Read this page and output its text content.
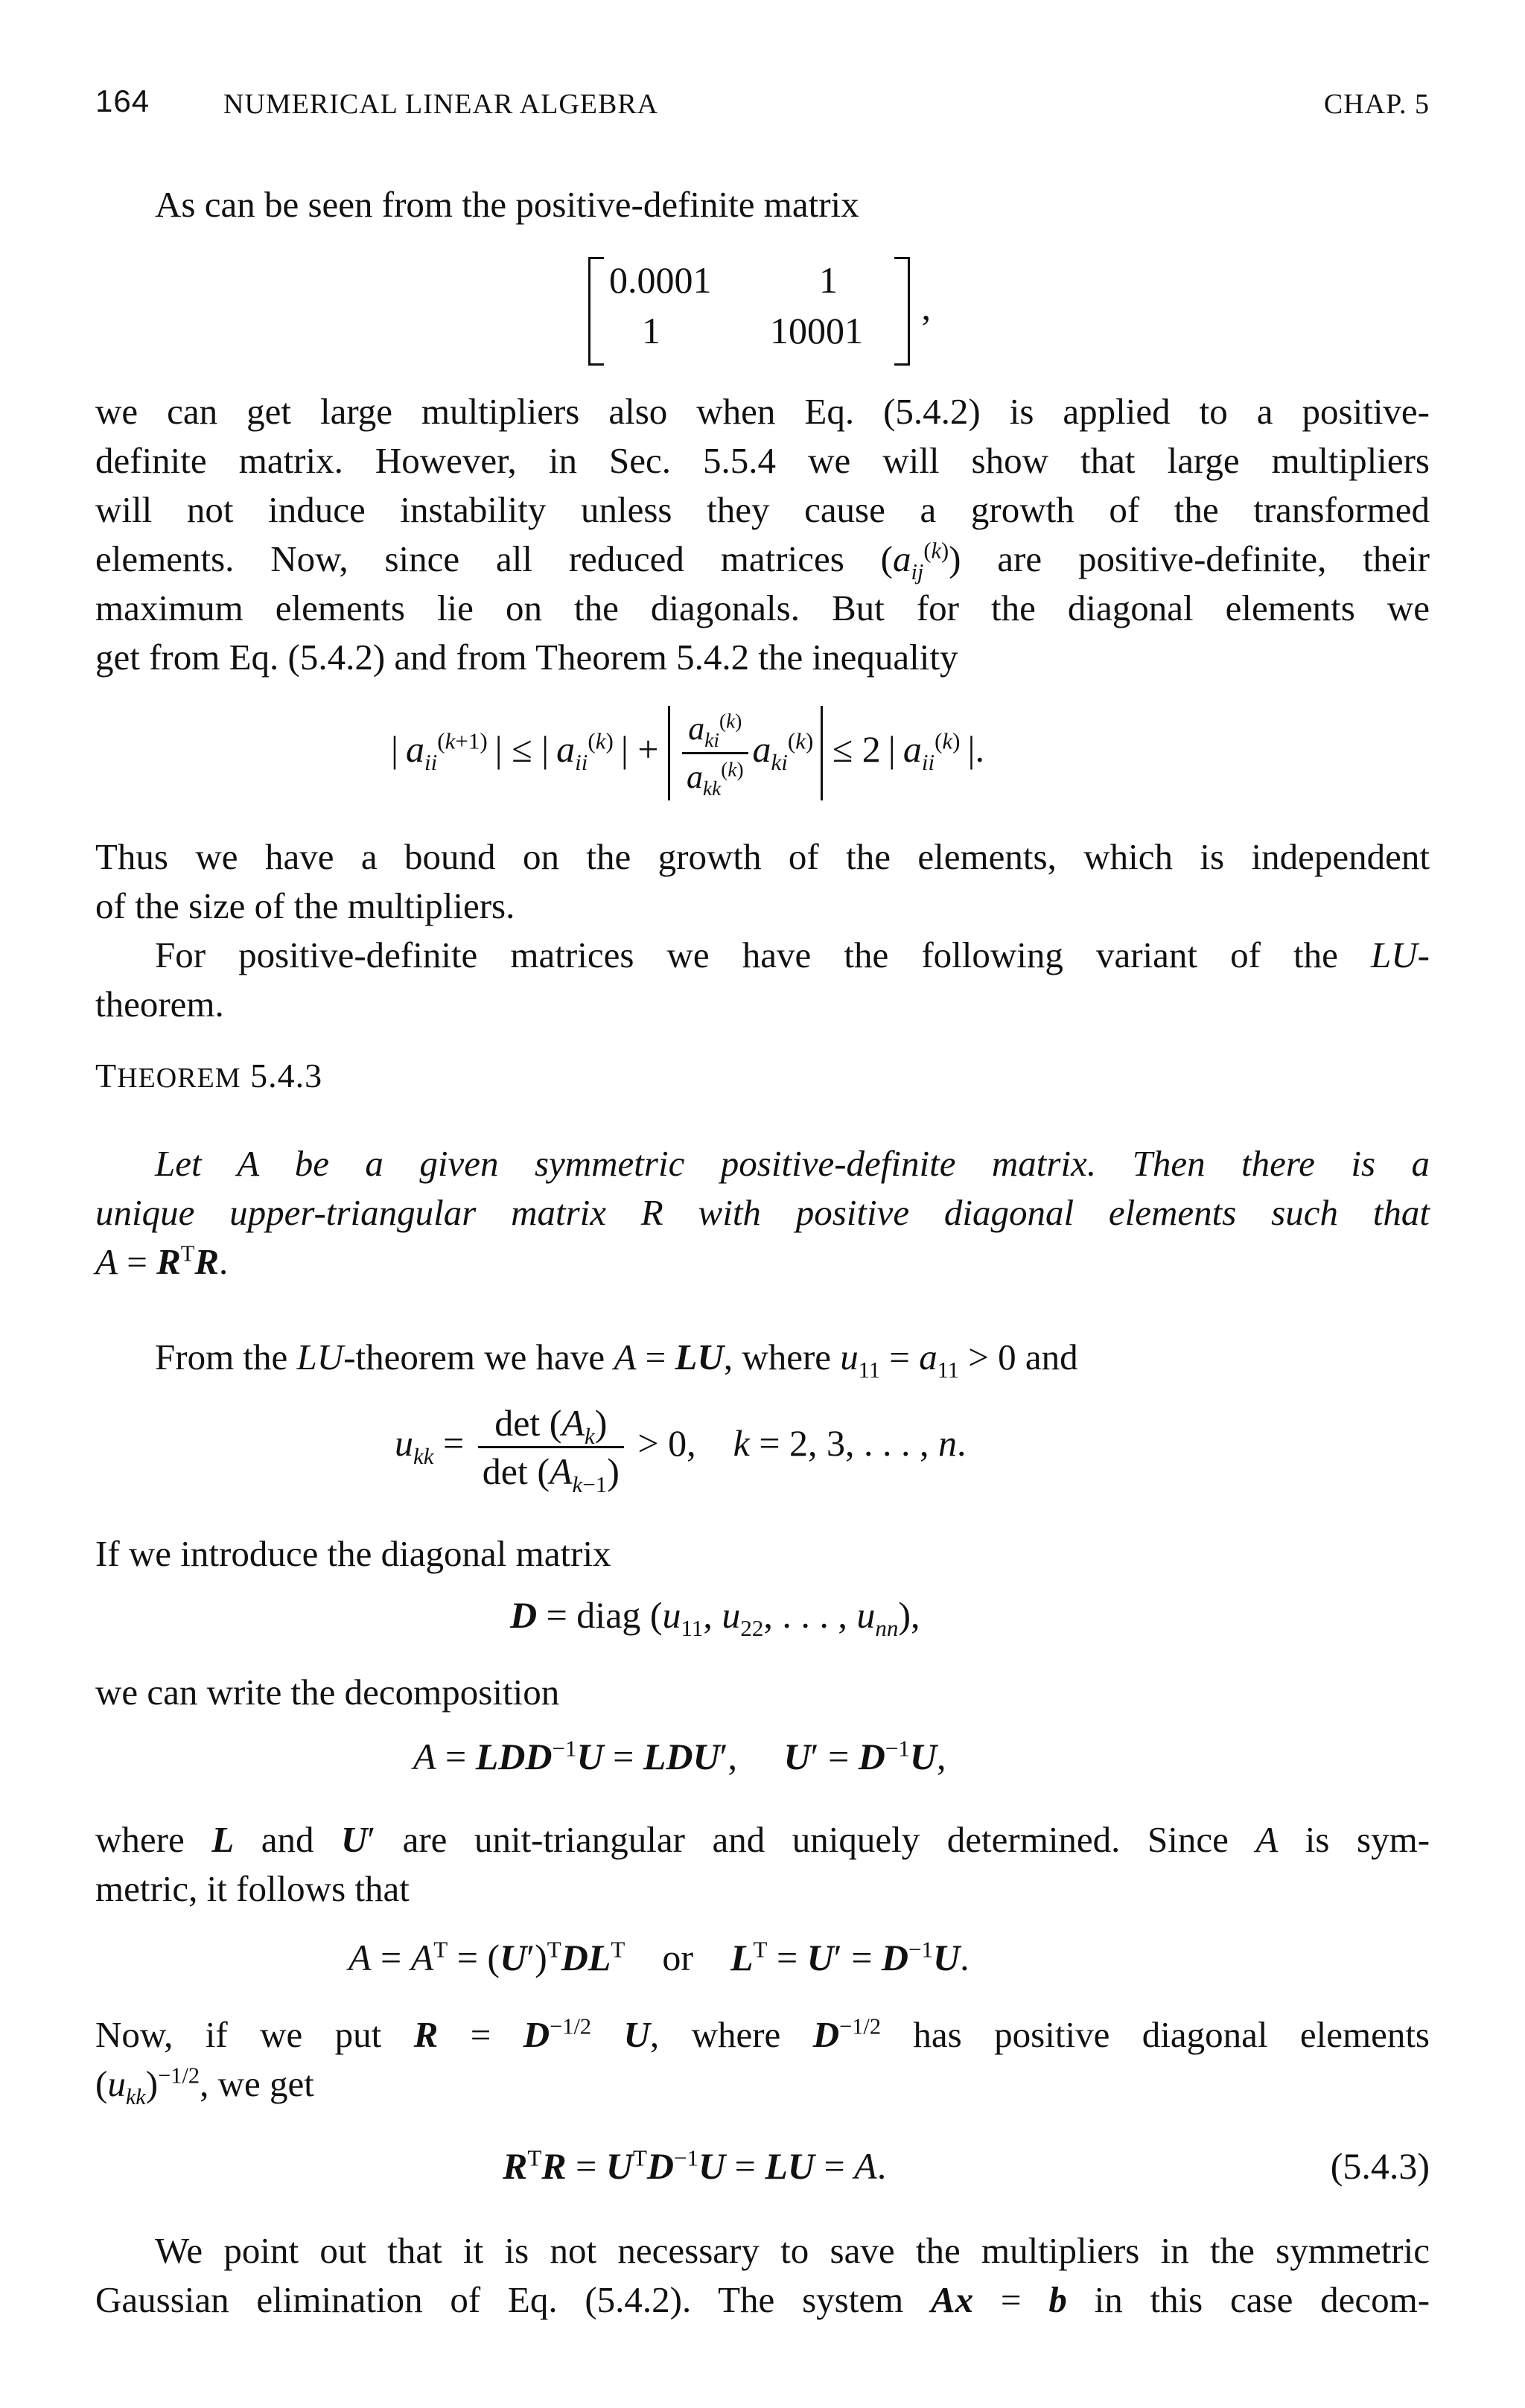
164	NUMERICAL LINEAR ALGEBRA	CHAP. 5
As can be seen from the positive-definite matrix
0.0001	1
1	10001
,
we can get large multipliers also when Eq. (5.4.2) is applied to a positive-
definite matrix. However, in Sec. 5.5.4 we will show that large multipliers
will not induce instability unless they cause a growth of the transformed
elements. Now, since all reduced matrices $(a_{ij}^{(k)})$ are positive-definite, their
maximum elements lie on the diagonals. But for the diagonal elements we
get from Eq. (5.4.2) and from Theorem 5.4.2 the inequality
| $a_{ii}^{(k+1)}$ | ≤ | $a_{ii}^{(k)}$ | + $\frac{a_{ki}^{(k)}}{a_{kk}^{(k)}} a_{ki}^{(k)} \le 2$ | $a_{ii}^{(k)}$ |.
Thus we have a bound on the growth of the elements, which is independent
of the size of the multipliers.
For positive-definite matrices we have the following variant of the LU-
theorem.
THEOREM 5.4.3
Let A be a given symmetric positive-definite matrix. Then there is a
unique upper-triangular matrix R with positive diagonal elements such that
$A = R^TR$.
From the LU-theorem we have A = LU, where $u_{11} = a_{11} > 0$ and
$u_{kk} = \frac{\det (A_k)}{\det (A_{k-1})} > 0$,    k = 2, 3, . . . , n.
If we introduce the diagonal matrix
D = diag ($u_{11}$, $u_{22}$, . . . , $u_{nn}$),
we can write the decomposition
$A = LDD^{-1}U = LDU'$,     $U' = D^{-1}U$,
where L and U′ are unit-triangular and uniquely determined. Since A is sym-
metric, it follows that
$A = A^T = (U')^TDL^T$    or    $L^T = U' = D^{-1}U$.
Now, if we put $R = D^{-1/2}$ U, where $D^{-1/2}$ has positive diagonal elements
$(u_{kk})^{-1/2}$, we get
$R^TR = U^TD^{-1}U$ = LU = A.	(5.4.3)
We point out that it is not necessary to save the multipliers in the symmetric
Gaussian elimination of Eq. (5.4.2). The system Ax = b in this case decom-
